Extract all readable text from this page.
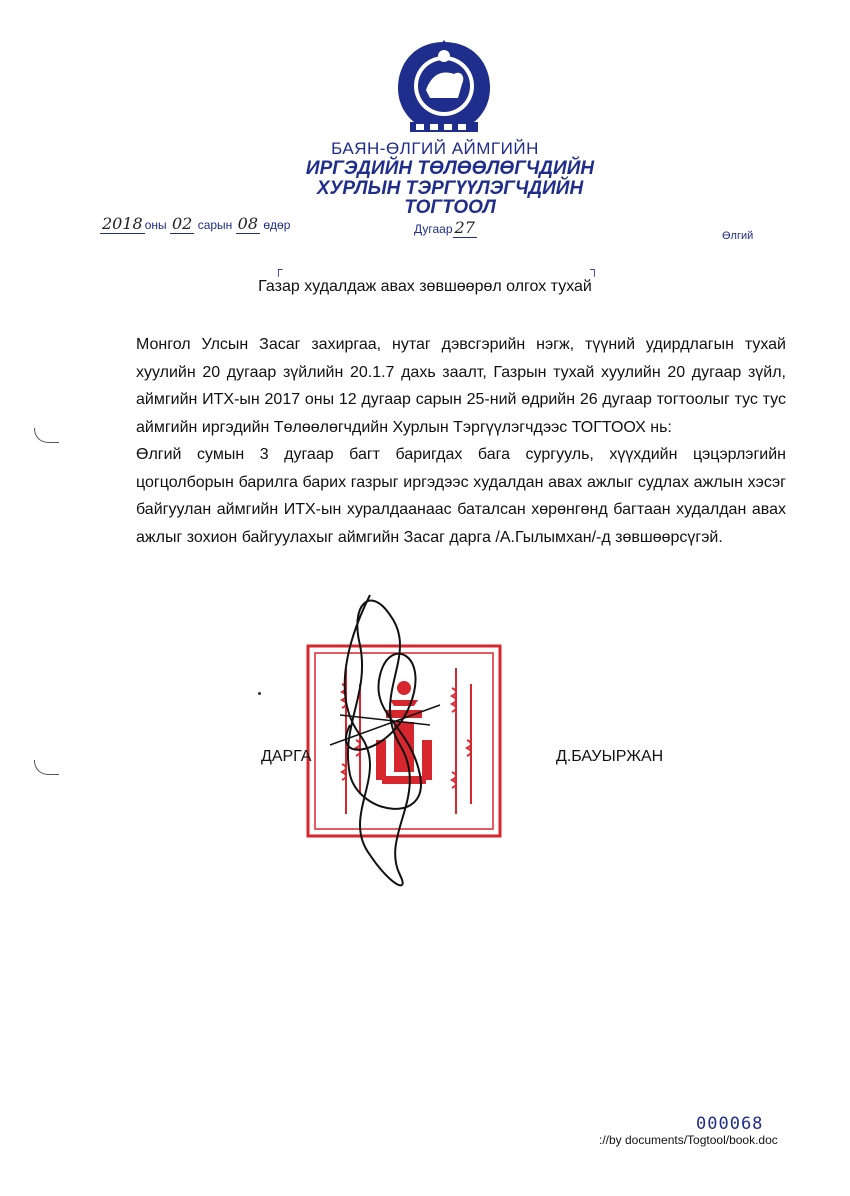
БАЯН-ӨЛГИЙ АЙМГИЙН
ИРГЭДИЙН ТӨЛӨӨЛӨГЧДИЙН
ХУРЛЫН ТЭРГҮҮЛЭГЧДИЙН
ТОГТООЛ
2018 оны 02 сарын 08 өдөр	Дугаар 27	Өлгий
┌	┐
Газар худалдаж авах зөвшөөрөл олгох тухай

Монгол Улсын Засаг захиргаа, нутаг дэвсгэрийн нэгж, түүний удирдлагын тухай хуулийн 20 дугаар зүйлийн 20.1.7 дахь заалт, Газрын тухай хуулийн 20 дугаар зүйл, аймгийн ИТХ-ын 2017 оны 12 дугаар сарын 25-ний өдрийн 26 дугаар тогтоолыг тус тус аймгийн иргэдийн Төлөөлөгчдийн Хурлын Тэргүүлэгчдээс ТОГТООХ нь:

Өлгий сумын 3 дугаар багт баригдах бага сургууль, хүүхдийн цэцэрлэгийн цогцолборын барилга барих газрыг иргэдээс худалдан авах ажлыг судлах ажлын хэсэг байгуулан аймгийн ИТХ-ын хуралдаанаас баталсан хөрөнгөнд багтаан худалдан авах ажлыг зохион байгуулахыг аймгийн Засаг дарга /А.Гылымхан/-д зөвшөөрсүгэй.

ДАРГА	Д.БАУЫРЖАН
000068
://by documents/Togtool/book.doc
